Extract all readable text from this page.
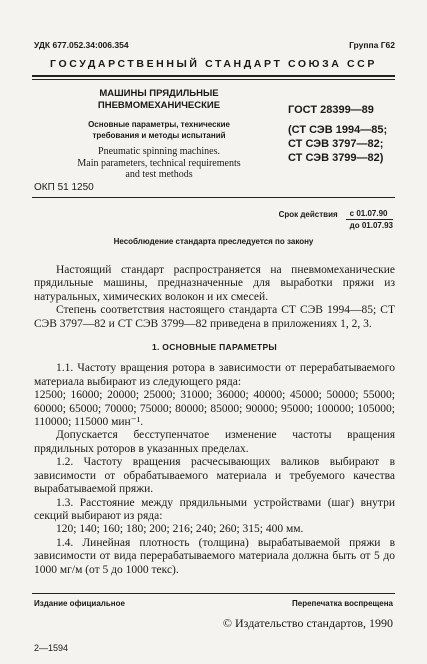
УДК 677.052.34:006.354	Группа Г62
ГОСУДАРСТВЕННЫЙ СТАНДАРТ СОЮЗА ССР
МАШИНЫ ПРЯДИЛЬНЫЕ
ПНЕВМОМЕХАНИЧЕСКИЕ
Основные параметры, технические
требования и методы испытаний
Pneumatic spinning machines.
Main parameters, technical requirements
and test methods
ГОСТ 28399—89
(СТ СЭВ 1994—85;
СТ СЭВ 3797—82;
СТ СЭВ 3799—82)
ОКП 51 1250
Срок действия	с 01.07.90
до 01.07.93
Несоблюдение стандарта преследуется по закону

Настоящий стандарт распространяется на пневмомеханические прядильные машины, предназначенные для выработки пряжи из натуральных, химических волокон и их смесей.

Степень соответствия настоящего стандарта СТ СЭВ 1994—85; СТ СЭВ 3797—82 и СТ СЭВ 3799—82 приведена в приложениях 1, 2, 3.

1. ОСНОВНЫЕ ПАРАМЕТРЫ

1.1. Частоту вращения ротора в зависимости от перерабатываемого материала выбирают из следующего ряда:

12500; 16000; 20000; 25000; 31000; 36000; 40000; 45000; 50000; 55000; 60000; 65000; 70000; 75000; 80000; 85000; 90000; 95000; 100000; 105000; 110000; 115000 мин⁻¹.

Допускается бесступенчатое изменение частоты вращения прядильных роторов в указанных пределах.

1.2. Частоту вращения расчесывающих валиков выбирают в зависимости от обрабатываемого материала и требуемого качества вырабатываемой пряжи.

1.3. Расстояние между прядильными устройствами (шаг) внутри секций выбирают из ряда:

120; 140; 160; 180; 200; 216; 240; 260; 315; 400 мм.

1.4. Линейная плотность (толщина) вырабатываемой пряжи в зависимости от вида перерабатываемого материала должна быть от 5 до 1000 мг/м (от 5 до 1000 текс).

Издание официальное	Перепечатка воспрещена
© Издательство стандартов, 1990
2—1594
